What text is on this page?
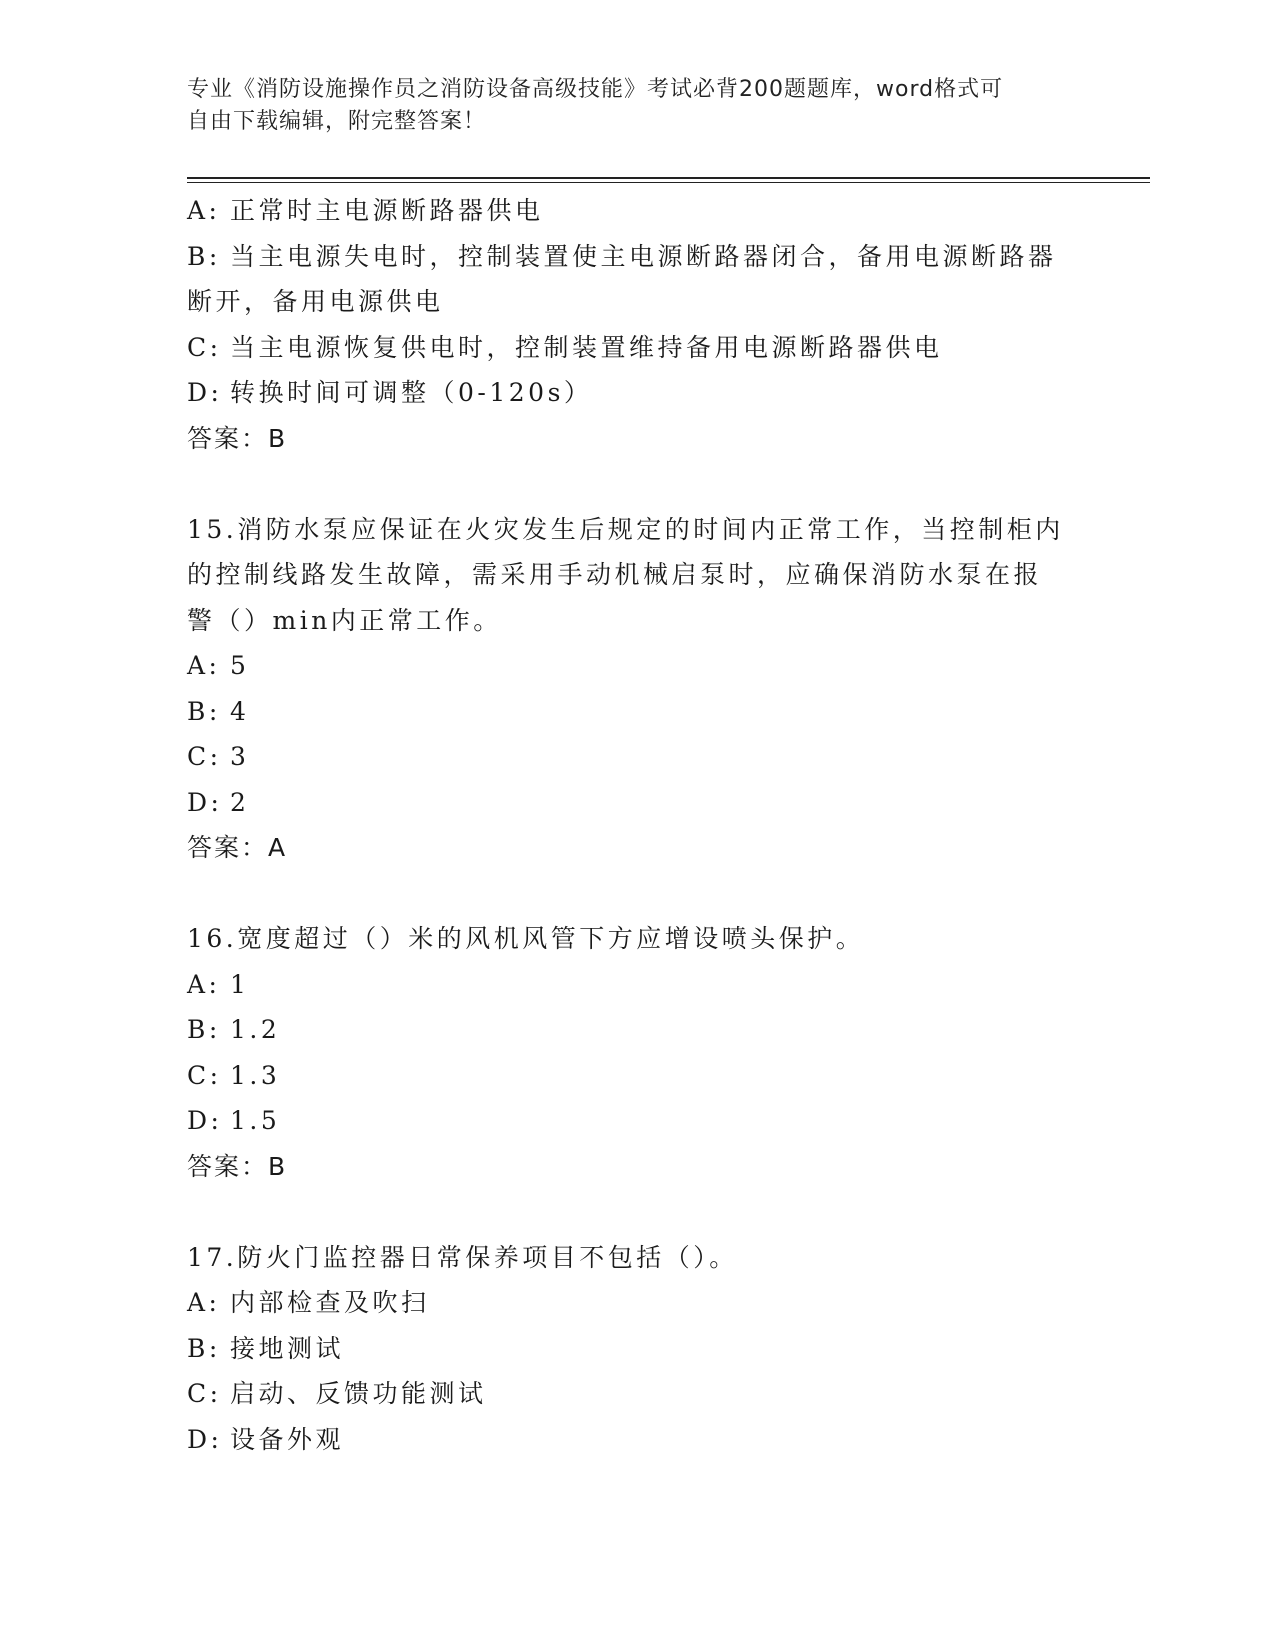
专业《消防设施操作员之消防设备高级技能》考试必背200题题库，word格式可
自由下载编辑，附完整答案！
A: 正常时主电源断路器供电
B: 当主电源失电时，控制装置使主电源断路器闭合，备用电源断路器
断开，备用电源供电
C: 当主电源恢复供电时，控制装置维持备用电源断路器供电
D: 转换时间可调整（0-120s）
答案：B
15.消防水泵应保证在火灾发生后规定的时间内正常工作，当控制柜内
的控制线路发生故障，需采用手动机械启泵时，应确保消防水泵在报
警（）min内正常工作。
A: 5
B: 4
C: 3
D: 2
答案：A
16.宽度超过（）米的风机风管下方应增设喷头保护。
A: 1
B: 1.2
C: 1.3
D: 1.5
答案：B
17.防火门监控器日常保养项目不包括（）。
A: 内部检查及吹扫
B: 接地测试
C: 启动、反馈功能测试
D: 设备外观
